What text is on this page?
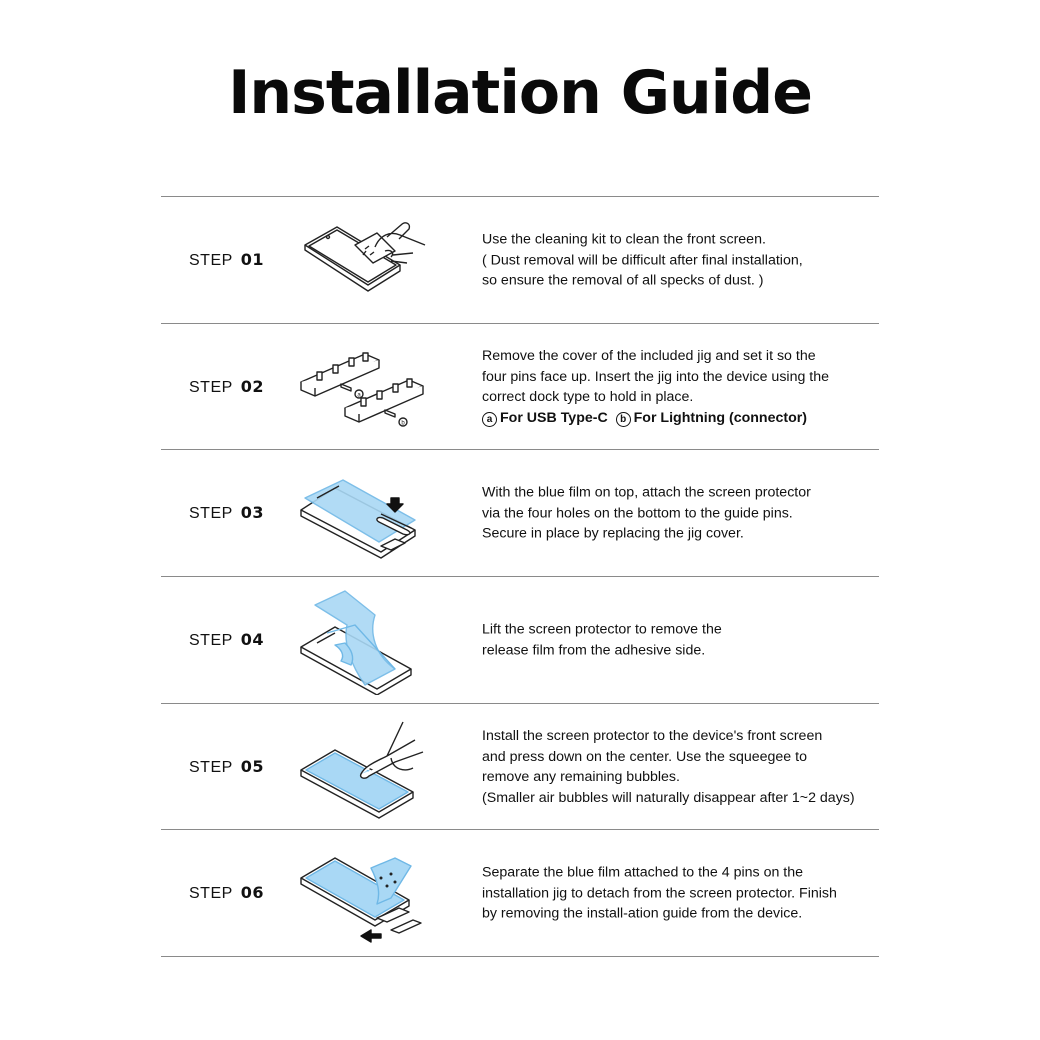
Installation Guide
STEP 01
Use the cleaning kit to clean the front screen.
( Dust removal will be difficult after final installation,
so ensure the removal of all specks of dust. )
STEP 02	a
b
Remove the cover of the included jig and set it so the
four pins face up. Insert the jig into the device using the
correct dock type to hold in place.
a For USB Type-C b For Lightning (connector)
STEP 03
With the blue film on top, attach the screen protector
via the four holes on the bottom to the guide pins.
Secure in place by replacing the jig cover.
STEP 04
Lift the screen protector to remove the
release film from the adhesive side.
STEP 05
Install the screen protector to the device's front screen
and press down on the center. Use the squeegee to
remove any remaining bubbles.
(Smaller air bubbles will naturally disappear after 1~2 days)
STEP 06
Separate the blue film attached to the 4 pins on the
installation jig to detach from the screen protector. Finish
by removing the install-ation guide from the device.
